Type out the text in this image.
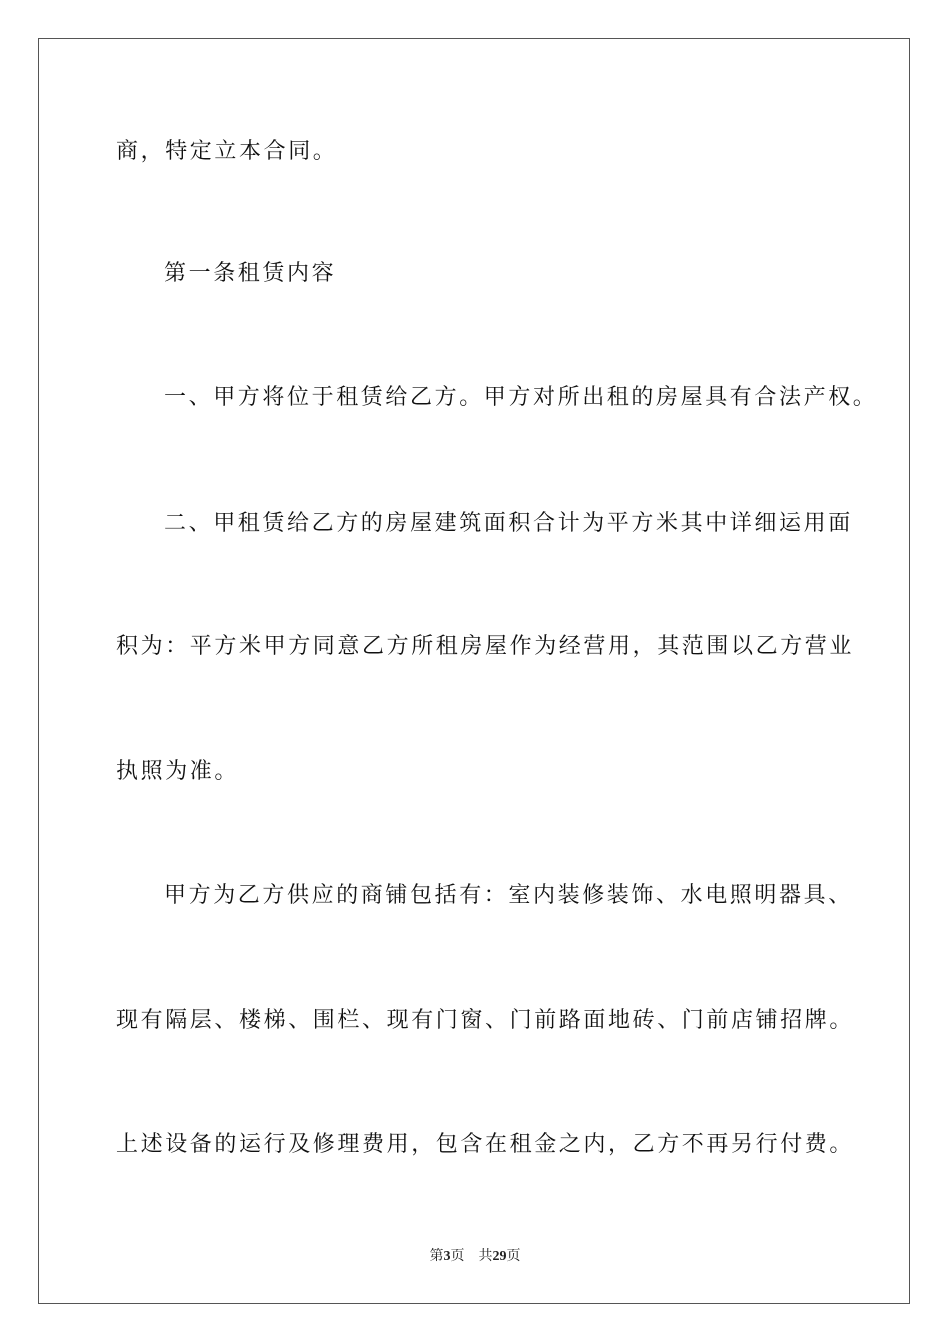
商，特定立本合同。
第一条租赁内容
一、甲方将位于租赁给乙方。甲方对所出租的房屋具有合法产权。
二、甲租赁给乙方的房屋建筑面积合计为平方米其中详细运用面
积为：平方米甲方同意乙方所租房屋作为经营用，其范围以乙方营业
执照为准。
甲方为乙方供应的商铺包括有：室内装修装饰、水电照明器具、
现有隔层、楼梯、围栏、现有门窗、门前路面地砖、门前店铺招牌。
上述设备的运行及修理费用，包含在租金之内，乙方不再另行付费。
第3页 共29页
